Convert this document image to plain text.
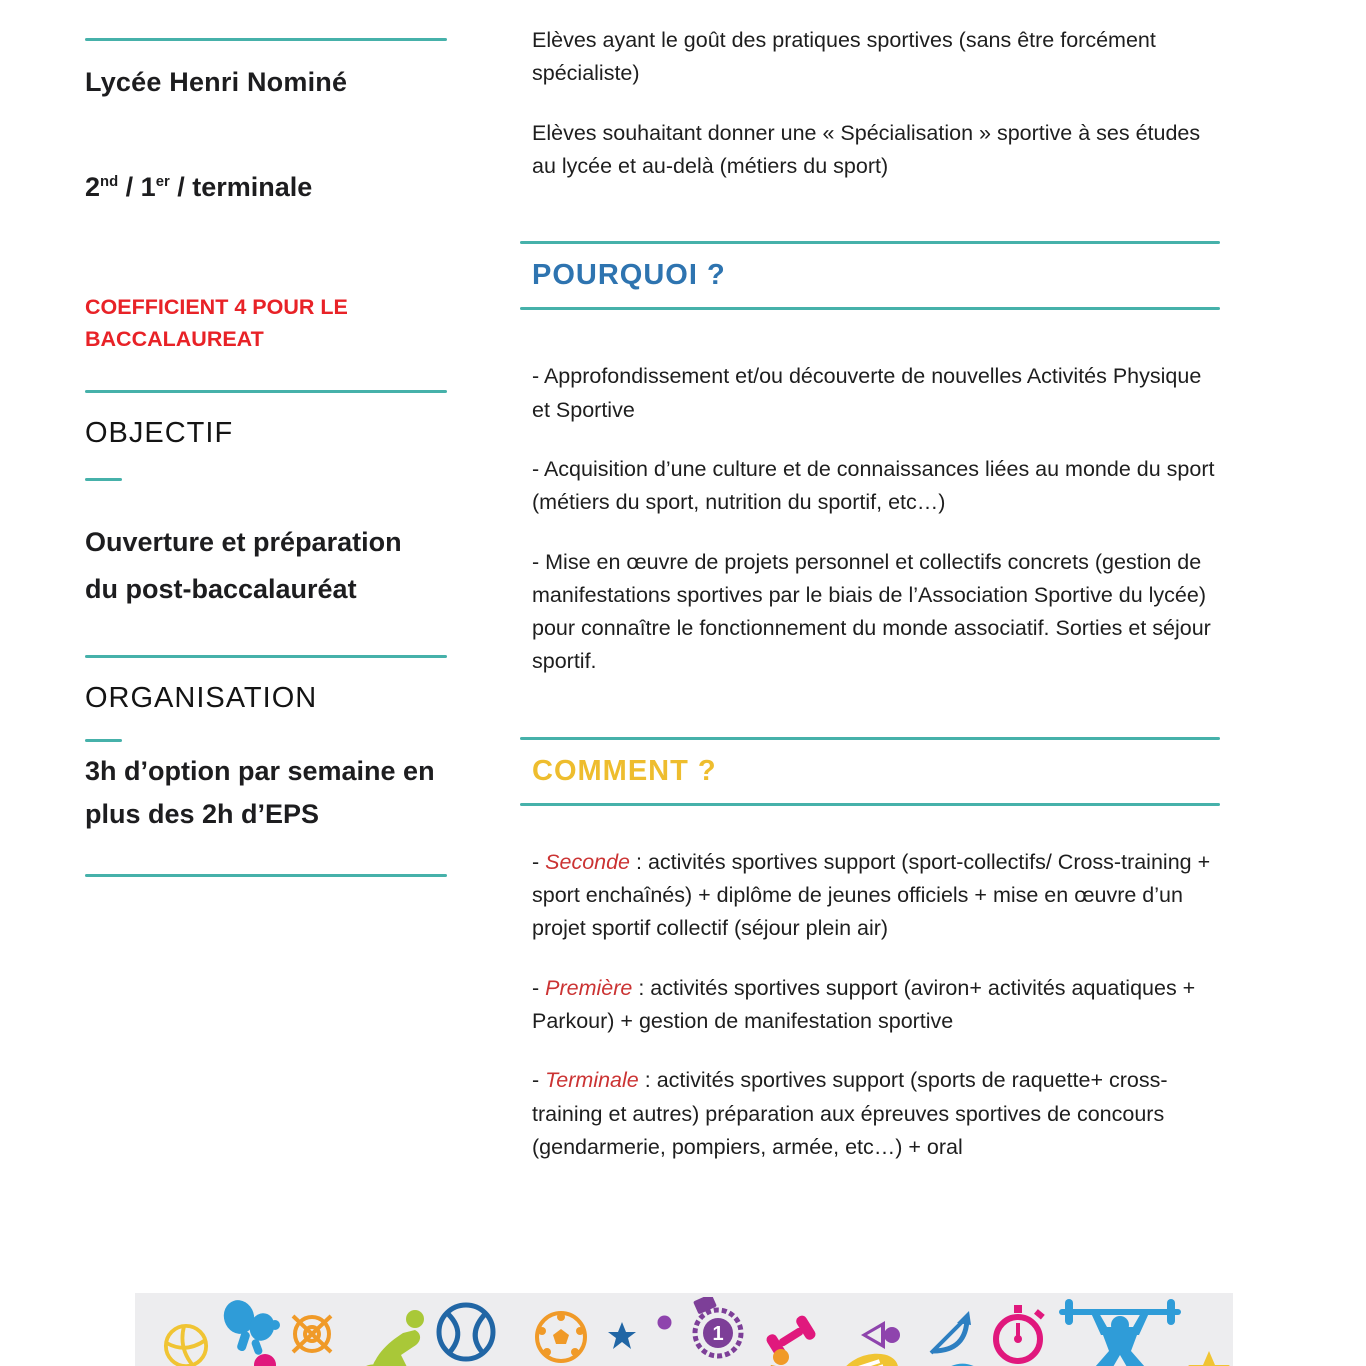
Lycée Henri Nominé
2nd / 1er / terminale
COEFFICIENT 4 POUR LE BACCALAUREAT
OBJECTIF
Ouverture et préparation du post-baccalauréat
ORGANISATION
3h d’option par semaine en plus des 2h d’EPS

Elèves ayant le goût des pratiques sportives (sans être forcément spécialiste)

Elèves souhaitant donner une « Spécialisation » sportive à ses études au lycée et au-delà (métiers du sport)

POURQUOI ?

- Approfondissement et/ou découverte de nouvelles Activités Physique et Sportive

- Acquisition d’une culture et de connaissances liées au monde du sport (métiers du sport, nutrition du sportif, etc…)

- Mise en œuvre de projets personnel et collectifs concrets (gestion de manifestations sportives par le biais de l’Association Sportive du lycée) pour connaître le fonctionnement du monde associatif. Sorties et séjour sportif.

COMMENT ?

- Seconde : activités sportives support (sport-collectifs/ Cross-training + sport enchaînés) + diplôme de jeunes officiels + mise en œuvre d’un projet sportif collectif (séjour plein air)

- Première : activités sportives support (aviron+ activités aquatiques + Parkour) + gestion de manifestation sportive

- Terminale : activités sportives support (sports de raquette+ cross-training et autres) préparation aux épreuves sportives de concours (gendarmerie, pompiers, armée, etc…) + oral

1
